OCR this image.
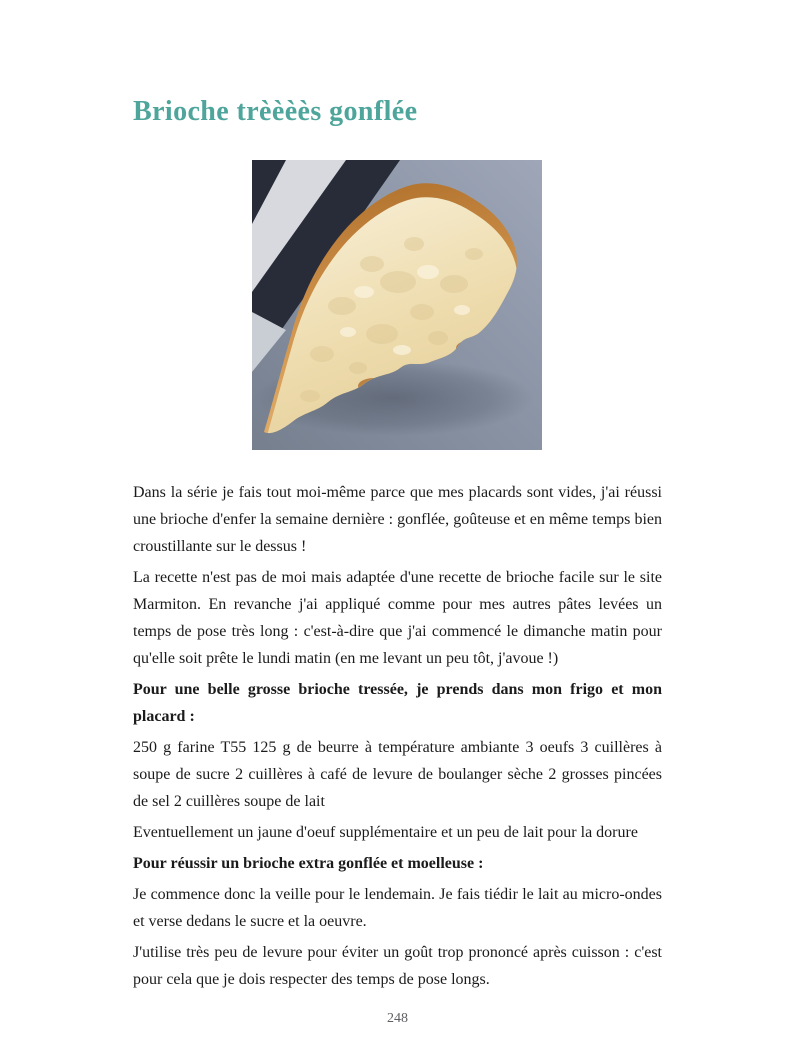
Brioche trèèèès gonflée

Dans la série je fais tout moi-même parce que mes placards sont vides, j'ai réussi une brioche d'enfer la semaine dernière : gonflée, goûteuse et en même temps bien croustillante sur le dessus !

La recette n'est pas de moi mais adaptée d'une recette de brioche facile sur le site Marmiton. En revanche j'ai appliqué comme pour mes autres pâtes levées un temps de pose très long : c'est-à-dire que j'ai commencé le dimanche matin pour qu'elle soit prête le lundi matin (en me levant un peu tôt, j'avoue !)

Pour une belle grosse brioche tressée, je prends dans mon frigo et mon placard :

250 g farine T55 125 g de beurre à température ambiante 3 oeufs 3 cuillères à soupe de sucre 2 cuillères à café de levure de boulanger sèche 2 grosses pincées de sel 2 cuillères soupe de lait

Eventuellement un jaune d'oeuf supplémentaire et un peu de lait pour la dorure

Pour réussir un brioche extra gonflée et moelleuse :

Je commence donc la veille pour le lendemain. Je fais tiédir le lait au micro-ondes et verse dedans le sucre et la oeuvre.

J'utilise très peu de levure pour éviter un goût trop prononcé après cuisson : c'est pour cela que je dois respecter des temps de pose longs.

248
